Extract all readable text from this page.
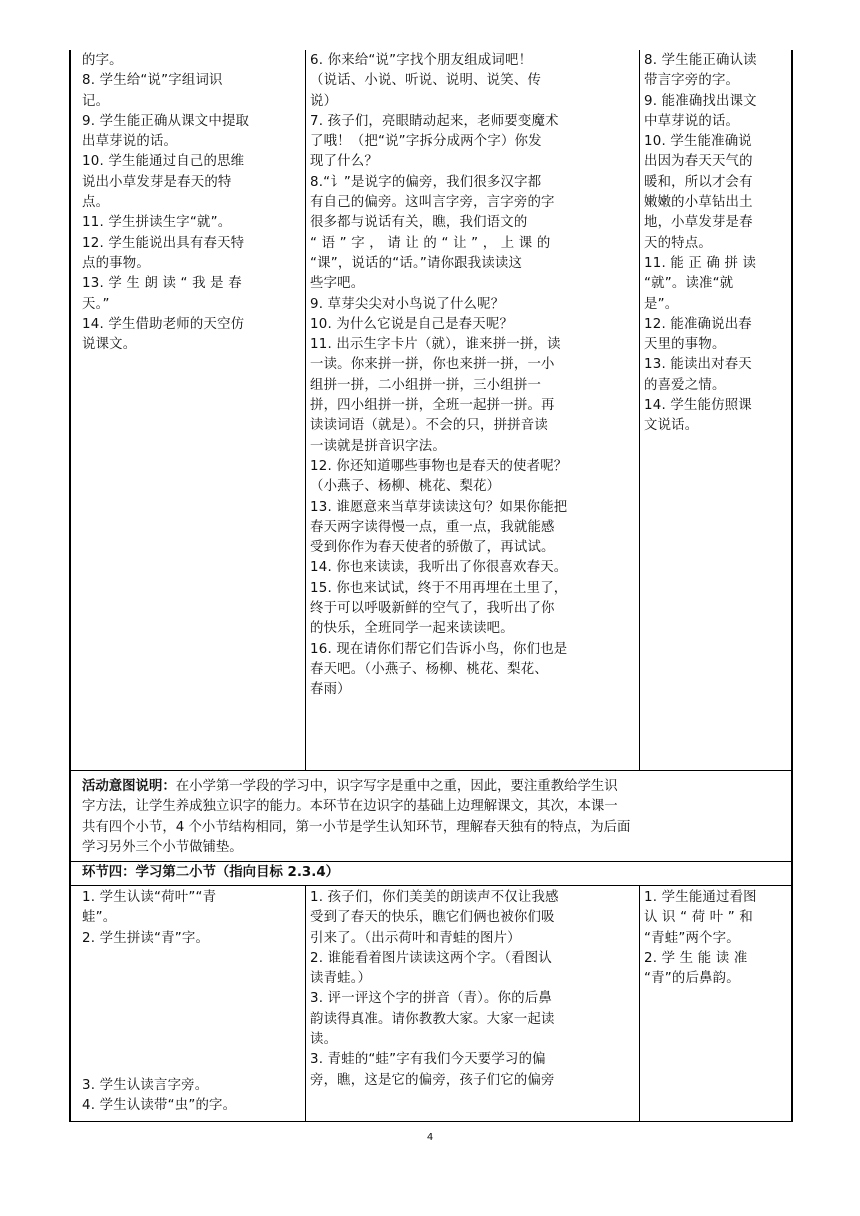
的字。
8. 学生给“说”字组词识
记。
9. 学生能正确从课文中提取
出草芽说的话。
10. 学生能通过自己的思维
说出小草发芽是春天的特
点。
11. 学生拼读生字“就”。
12. 学生能说出具有春天特
点的事物。
13. 学 生 朗 读 “ 我 是 春
天。”
14. 学生借助老师的天空仿
说课文。
6. 你来给“说”字找个朋友组成词吧！
（说话、小说、听说、说明、说笑、传
说）
7. 孩子们，亮眼睛动起来，老师要变魔术
了哦！（把“说”字拆分成两个字）你发
现了什么？
8.“讠”是说字的偏旁，我们很多汉字都
有自己的偏旁。这叫言字旁，言字旁的字
很多都与说话有关，瞧，我们语文的
“ 语 ” 字 ， 请 让 的 “ 让 ” ， 上 课 的
“课”，说话的“话。”请你跟我读读这
些字吧。
9. 草芽尖尖对小鸟说了什么呢？
10. 为什么它说是自己是春天呢？
11. 出示生字卡片（就），谁来拼一拼，读
一读。你来拼一拼，你也来拼一拼，一小
组拼一拼，二小组拼一拼，三小组拼一
拼，四小组拼一拼，全班一起拼一拼。再
读读词语（就是）。不会的只，拼拼音读
一读就是拼音识字法。
12. 你还知道哪些事物也是春天的使者呢？
（小燕子、杨柳、桃花、梨花）
13. 谁愿意来当草芽读读这句？如果你能把
春天两字读得慢一点，重一点，我就能感
受到你作为春天使者的骄傲了，再试试。
14. 你也来读读，我听出了你很喜欢春天。
15. 你也来试试，终于不用再埋在土里了，
终于可以呼吸新鲜的空气了，我听出了你
的快乐，全班同学一起来读读吧。
16. 现在请你们帮它们告诉小鸟，你们也是
春天吧。（小燕子、杨柳、桃花、梨花、
春雨）
8. 学生能正确认读
带言字旁的字。
9. 能准确找出课文
中草芽说的话。
10. 学生能准确说
出因为春天天气的
暖和，所以才会有
嫩嫩的小草钻出土
地，小草发芽是春
天的特点。
11. 能 正 确 拼 读
“就”。读准“就
是”。
12. 能准确说出春
天里的事物。
13. 能读出对春天
的喜爱之情。
14. 学生能仿照课
文说话。
活动意图说明：在小学第一学段的学习中，识字写字是重中之重，因此，要注重教给学生识
字方法，让学生养成独立识字的能力。本环节在边识字的基础上边理解课文，其次，本课一
共有四个小节，4 个小节结构相同，第一小节是学生认知环节，理解春天独有的特点，为后面
学习另外三个小节做铺垫。
环节四：学习第二小节（指向目标 2.3.4）
1. 学生认读“荷叶”“青
蛙”。
2. 学生拼读“青”字。
3. 学生认读言字旁。
4. 学生认读带“虫”的字。
1. 孩子们，你们美美的朗读声不仅让我感
受到了春天的快乐，瞧它们俩也被你们吸
引来了。（出示荷叶和青蛙的图片）
2. 谁能看着图片读读这两个字。（看图认
读青蛙。）
3. 评一评这个字的拼音（青）。你的后鼻
韵读得真准。请你教教大家。大家一起读
读。
3. 青蛙的“蛙”字有我们今天要学习的偏
旁，瞧，这是它的偏旁，孩子们它的偏旁
1. 学生能通过看图
认 识 “ 荷 叶 ” 和
“青蛙”两个字。
2. 学 生 能 读 准
“青”的后鼻韵。
4
